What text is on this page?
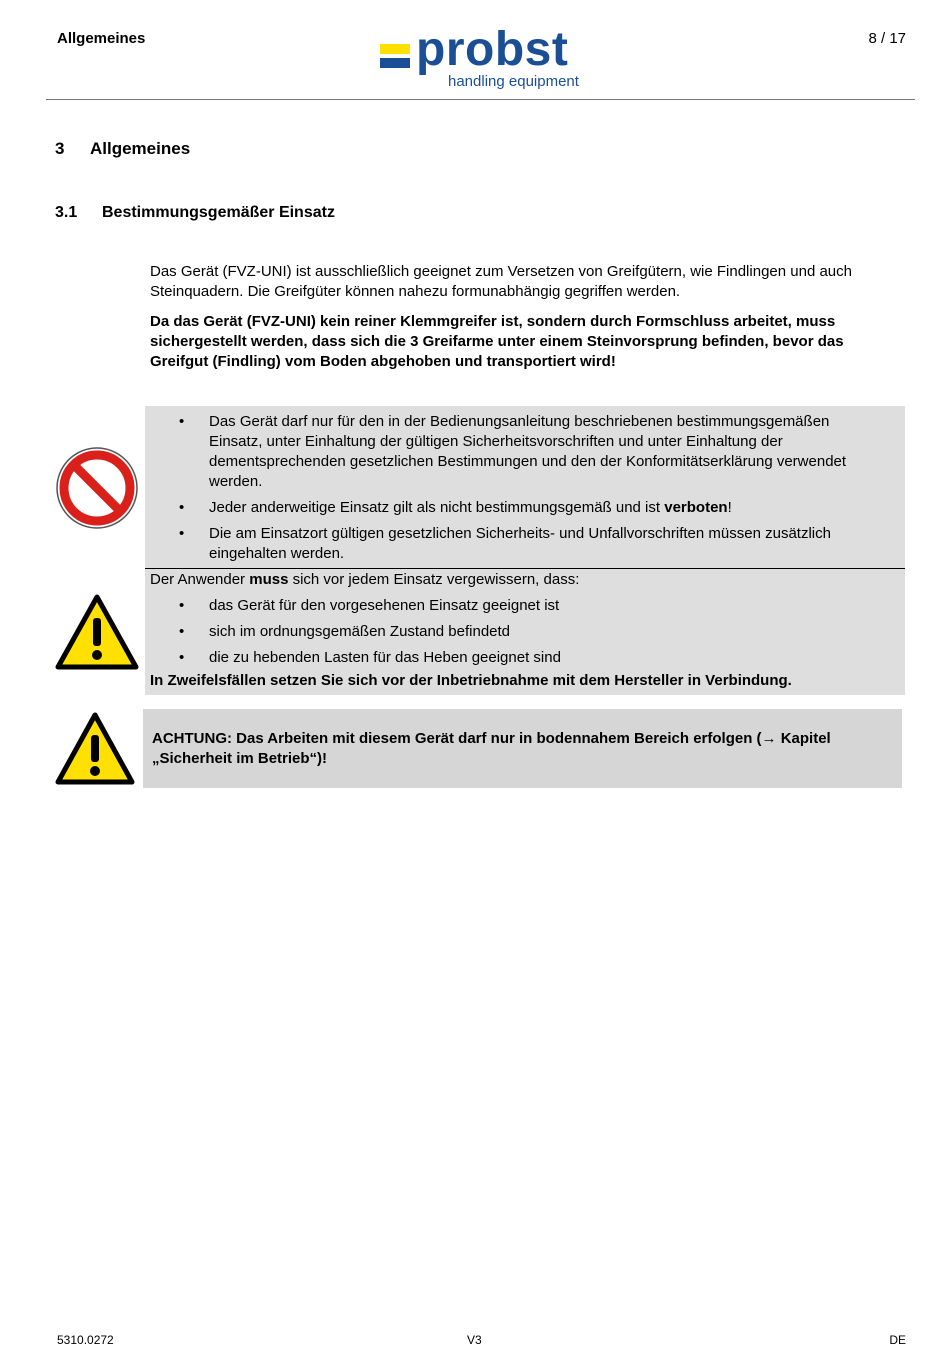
Allgemeines	8 / 17
probst
handling equipment
3 Allgemeines
3.1 Bestimmungsgemäßer Einsatz
Das Gerät (FVZ-UNI) ist ausschließlich geeignet zum Versetzen von Greifgütern, wie Findlingen und auch Steinquadern. Die Greifgüter können nahezu formunabhängig gegriffen werden.
Da das Gerät (FVZ-UNI) kein reiner Klemmgreifer ist, sondern durch Formschluss arbeitet, muss sichergestellt werden, dass sich die 3 Greifarme unter einem Steinvorsprung befinden, bevor das Greifgut (Findling) vom Boden abgehoben und transportiert wird!
• Das Gerät darf nur für den in der Bedienungsanleitung beschriebenen bestimmungsgemäßen Einsatz, unter Einhaltung der gültigen Sicherheitsvorschriften und unter Einhaltung der dementsprechenden gesetzlichen Bestimmungen und den der Konformitätserklärung verwendet werden.
• Jeder anderweitige Einsatz gilt als nicht bestimmungsgemäß und ist verboten!
• Die am Einsatzort gültigen gesetzlichen Sicherheits- und Unfallvorschriften müssen zusätzlich eingehalten werden.
Der Anwender muss sich vor jedem Einsatz vergewissern, dass:
• das Gerät für den vorgesehenen Einsatz geeignet ist
• sich im ordnungsgemäßen Zustand befindetd
• die zu hebenden Lasten für das Heben geeignet sind
In Zweifelsfällen setzen Sie sich vor der Inbetriebnahme mit dem Hersteller in Verbindung.
ACHTUNG: Das Arbeiten mit diesem Gerät darf nur in bodennahem Bereich erfolgen (→ Kapitel „Sicherheit im Betrieb“)!
5310.0272	V3	DE
